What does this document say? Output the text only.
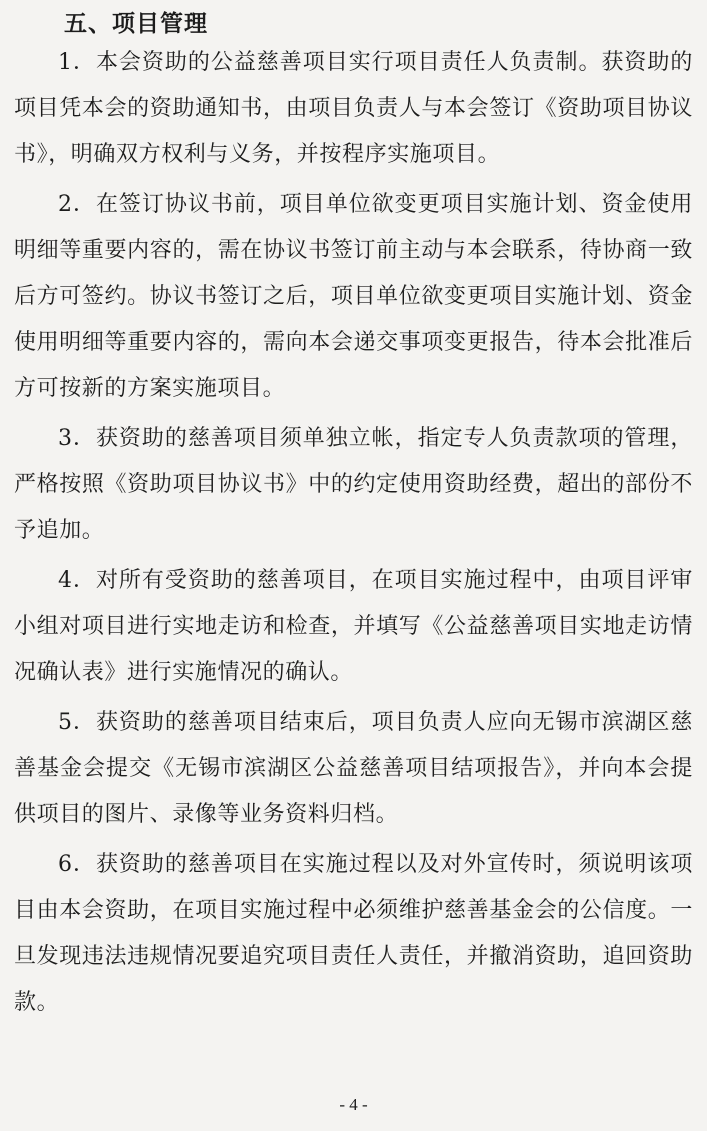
五、项目管理

1．本会资助的公益慈善项目实行项目责任人负责制。获资助的项目凭本会的资助通知书，由项目负责人与本会签订《资助项目协议书》，明确双方权利与义务，并按程序实施项目。

2．在签订协议书前，项目单位欲变更项目实施计划、资金使用明细等重要内容的，需在协议书签订前主动与本会联系，待协商一致后方可签约。协议书签订之后，项目单位欲变更项目实施计划、资金使用明细等重要内容的，需向本会递交事项变更报告，待本会批准后方可按新的方案实施项目。

3．获资助的慈善项目须单独立帐，指定专人负责款项的管理，严格按照《资助项目协议书》中的约定使用资助经费，超出的部份不予追加。

4．对所有受资助的慈善项目，在项目实施过程中，由项目评审小组对项目进行实地走访和检查，并填写《公益慈善项目实地走访情况确认表》进行实施情况的确认。

5．获资助的慈善项目结束后，项目负责人应向无锡市滨湖区慈善基金会提交《无锡市滨湖区公益慈善项目结项报告》，并向本会提供项目的图片、录像等业务资料归档。

6．获资助的慈善项目在实施过程以及对外宣传时，须说明该项目由本会资助，在项目实施过程中必须维护慈善基金会的公信度。一旦发现违法违规情况要追究项目责任人责任，并撤消资助，追回资助款。

- 4 -
